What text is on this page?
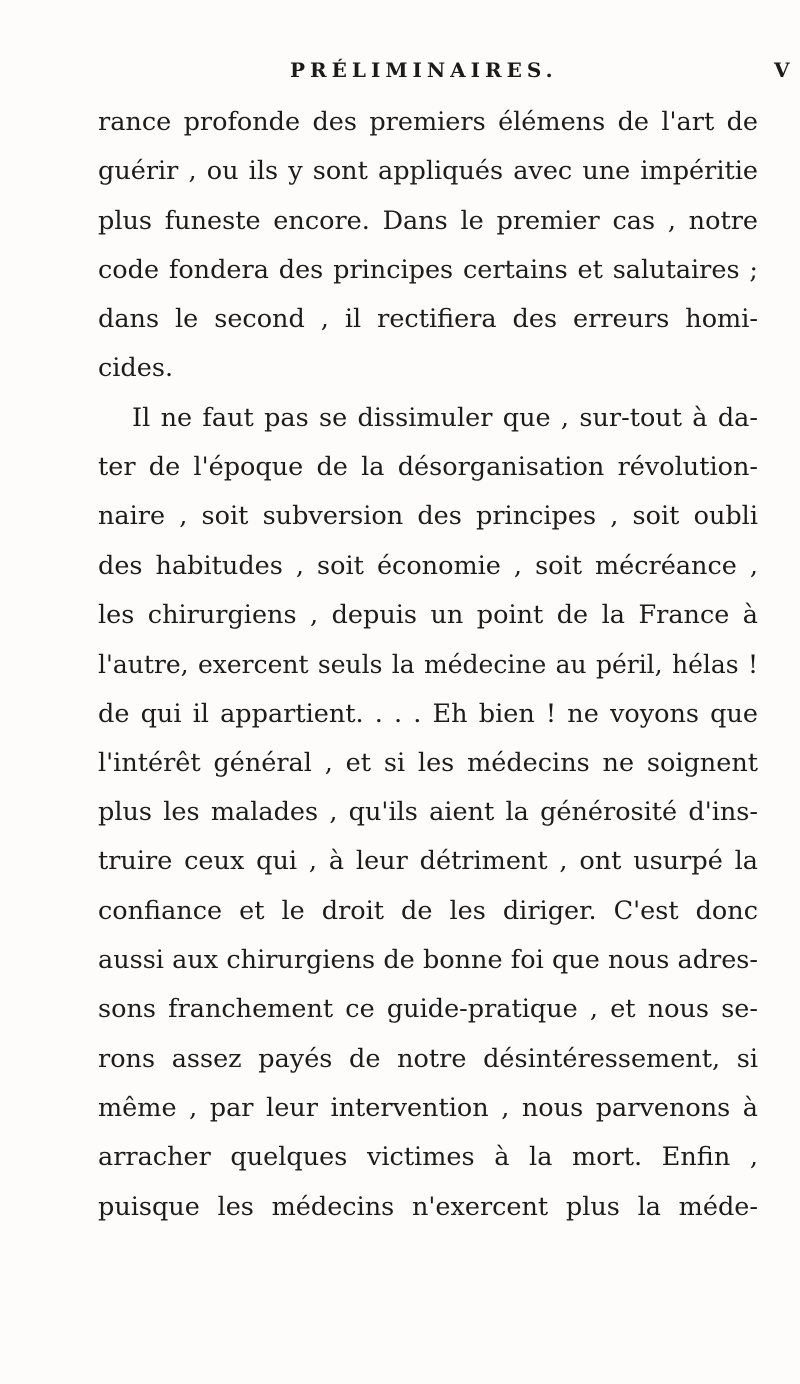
PRÉLIMINAIRES.	V
rance profonde des premiers élémens de l'art de
guérir , ou ils y sont appliqués avec une impéritie
plus funeste encore. Dans le premier cas , notre
code fondera des principes certains et salutaires ;
dans le second , il rectifiera des erreurs homi-
cides.
Il ne faut pas se dissimuler que , sur-tout à da-
ter de l'époque de la désorganisation révolution-
naire , soit subversion des principes , soit oubli
des habitudes , soit économie , soit mécréance ,
les chirurgiens , depuis un point de la France à
l'autre, exercent seuls la médecine au péril, hélas !
de qui il appartient. . . . Eh bien ! ne voyons que
l'intérêt général , et si les médecins ne soignent
plus les malades , qu'ils aient la générosité d'ins-
truire ceux qui , à leur détriment , ont usurpé la
confiance et le droit de les diriger. C'est donc
aussi aux chirurgiens de bonne foi que nous adres-
sons franchement ce guide-pratique , et nous se-
rons assez payés de notre désintéressement, si
même , par leur intervention , nous parvenons à
arracher quelques victimes à la mort. Enfin ,
puisque les médecins n'exercent plus la méde-
